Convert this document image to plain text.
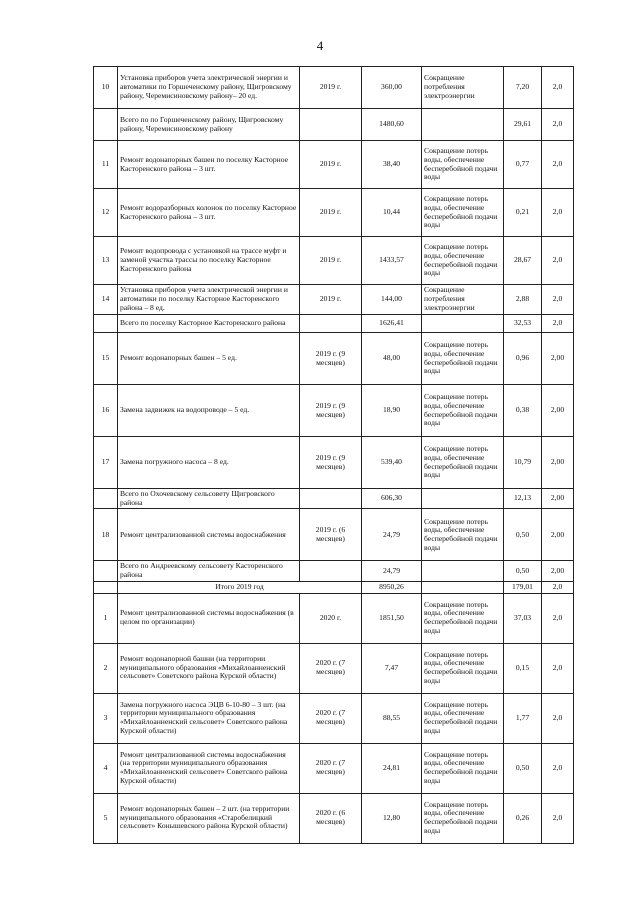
4
10	Установка приборов учета электрической энергии и автоматики по Горшеченскому району, Щигровскому району, Черемисиновскому району– 20 ед.	2019 г.	360,00	Сокращение потребления электроэнергии	7,20	2,0
	Всего по по Горшеченскому району, Щигровскому району, Черемисиновскому району		1480,60		29,61	2,0
11	Ремонт водонапорных башен по поселку Касторное Касторенского района – 3 шт.	2019 г.	38,40	Сокращение потерь воды, обеспечение бесперебойной подачи воды	0,77	2,0
12	Ремонт водоразборных колонок по поселку Касторное Касторенского района – 3 шт.	2019 г.	10,44	Сокращение потерь воды, обеспечение бесперебойной подачи воды	0,21	2,0
13	Ремонт водопровода с установкой на трассе муфт и заменой участка трассы по поселку Касторное Касторенского района	2019 г.	1433,57	Сокращение потерь воды, обеспечение бесперебойной подачи воды	28,67	2,0
14	Установка приборов учета электрической энергии и автоматики по поселку Касторное Касторенского района – 8 ед.	2019 г.	144,00	Сокращение потребления электроэнергии	2,88	2,0
	Всего по поселку Касторное Касторенского района		1626,41		32,53	2,0
15	Ремонт водонапорных башен – 5 ед.	2019 г. (9 месяцев)	48,00	Сокращение потерь воды, обеспечение бесперебойной подачи воды	0,96	2,00
16	Замена задвижек на водопроводе – 5 ед.	2019 г. (9 месяцев)	18,90	Сокращение потерь воды, обеспечение бесперебойной подачи воды	0,38	2,00
17	Замена погружного насоса – 8 ед.	2019 г. (9 месяцев)	539,40	Сокращение потерь воды, обеспечение бесперебойной подачи воды	10,79	2,00
	Всего по Охочевскому сельсовету Щигровского района		606,30		12,13	2,00
18	Ремонт централизованной системы водоснабжения	2019 г. (6 месяцев)	24,79	Сокращение потерь воды, обеспечение бесперебойной подачи воды	0,50	2,00
	Всего по Андреевскому сельсовету Касторенского района		24,79		0,50	2,00
	Итого 2019 год		8950,26		179,01	2,0
1	Ремонт централизованной системы водоснабжения (в целом по организации)	2020 г.	1851,50	Сокращение потерь воды, обеспечение бесперебойной подачи воды	37,03	2,0
2	Ремонт водонапорной башни (на территории муниципального образования «Михайлоанненский сельсовет» Советского района Курской области)	2020 г. (7 месяцев)	7,47	Сокращение потерь воды, обеспечение бесперебойной подачи воды	0,15	2,0
3	Замена погружного насоса ЭЦВ 6-10-80 – 3 шт. (на территории муниципального образования «Михайлоанненский сельсовет» Советского района Курской области)	2020 г. (7 месяцев)	88,55	Сокращение потерь воды, обеспечение бесперебойной подачи воды	1,77	2,0
4	Ремонт централизованной системы водоснабжения (на территории муниципального образования «Михайлоанненский сельсовет» Советского района Курской области)	2020 г. (7 месяцев)	24,81	Сокращение потерь воды, обеспечение бесперебойной подачи воды	0,50	2,0
5	Ремонт водонапорных башен – 2 шт. (на территории муниципального образования «Старобелицкий сельсовет» Конышевского района Курской области)	2020 г. (6 месяцев)	12,80	Сокращение потерь воды, обеспечение бесперебойной подачи воды	0,26	2,0
